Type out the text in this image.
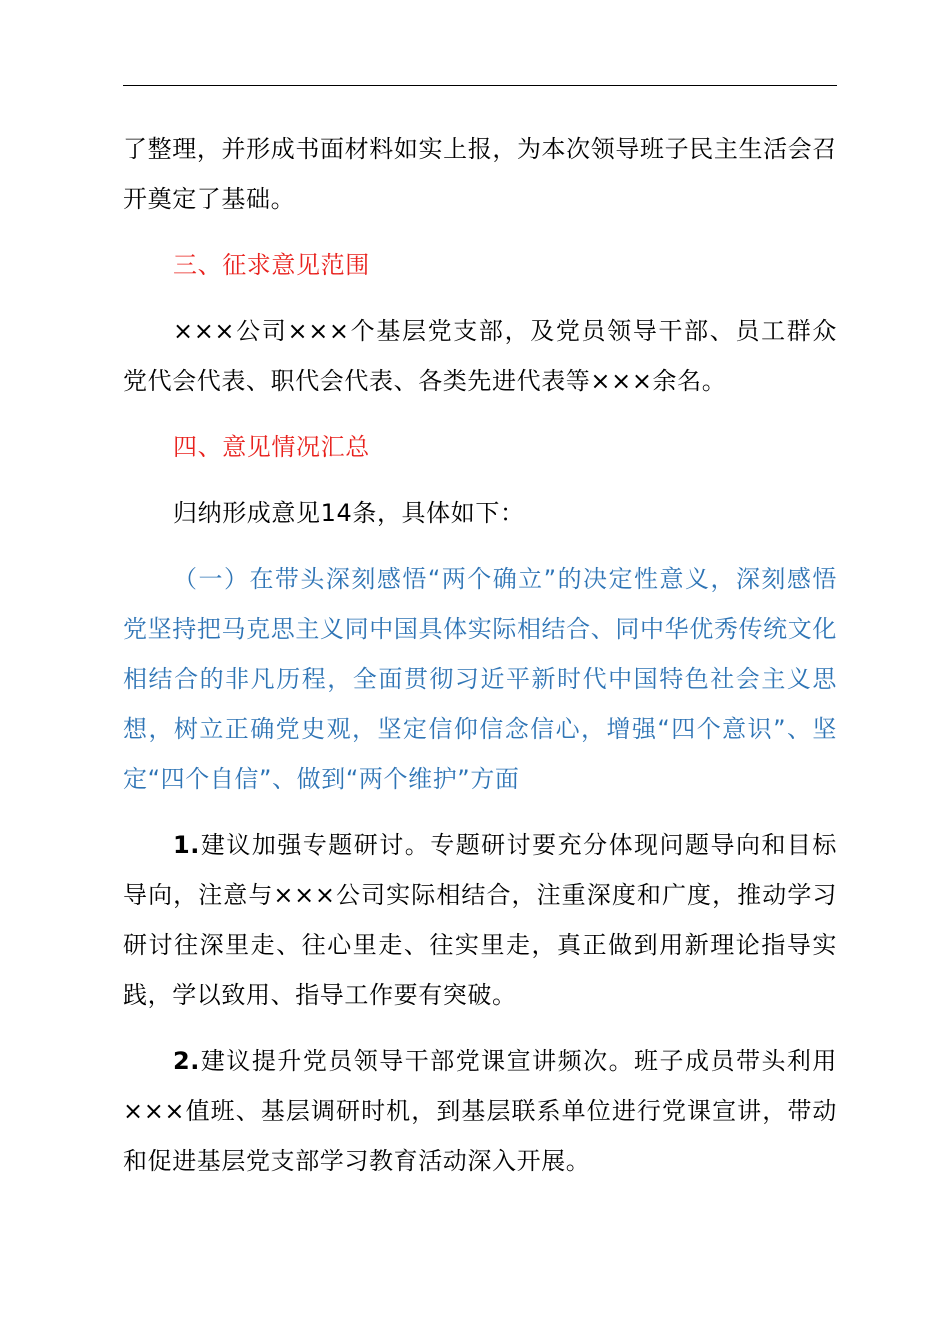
了整理，并形成书面材料如实上报，为本次领导班子民主生活会召开奠定了基础。

三、征求意见范围

×××公司×××个基层党支部，及党员领导干部、员工群众党代会代表、职代会代表、各类先进代表等×××余名。

四、意见情况汇总

归纳形成意见14条，具体如下：

（一）在带头深刻感悟“两个确立”的决定性意义，深刻感悟党坚持把马克思主义同中国具体实际相结合、同中华优秀传统文化相结合的非凡历程，全面贯彻习近平新时代中国特色社会主义思想，树立正确党史观，坚定信仰信念信心，增强“四个意识”、坚定“四个自信”、做到“两个维护”方面

1.建议加强专题研讨。专题研讨要充分体现问题导向和目标导向，注意与×××公司实际相结合，注重深度和广度，推动学习研讨往深里走、往心里走、往实里走，真正做到用新理论指导实践，学以致用、指导工作要有突破。

2.建议提升党员领导干部党课宣讲频次。班子成员带头利用×××值班、基层调研时机，到基层联系单位进行党课宣讲，带动和促进基层党支部学习教育活动深入开展。
